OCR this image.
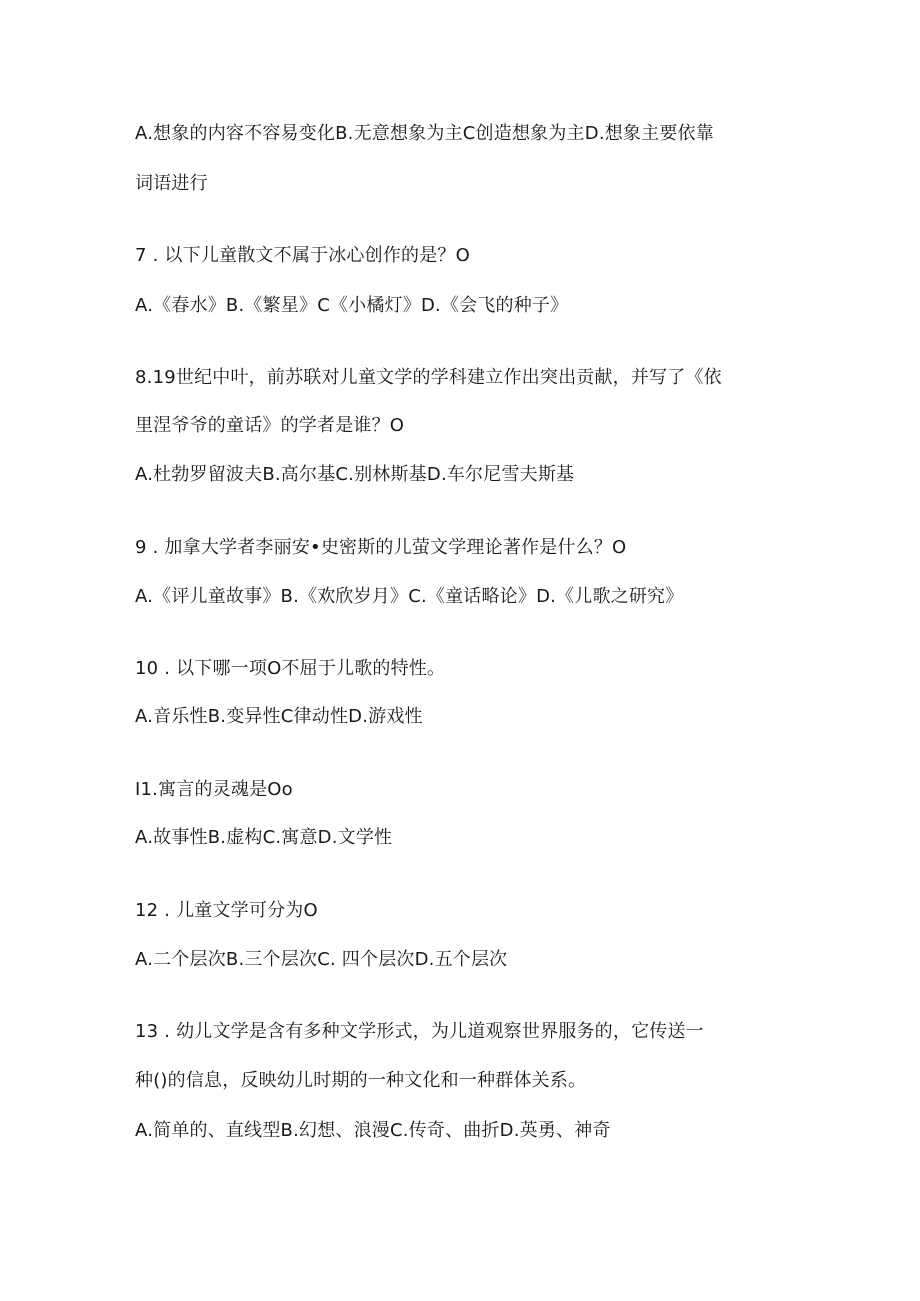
A.想象的内容不容易变化B.无意想象为主C创造想象为主D.想象主要依靠
词语进行
7 . 以下儿童散文不属于冰心创作的是？O
A.《春水》B.《繁星》C《小橘灯》D.《会飞的种子》
8.19世纪中叶，前苏联对儿童文学的学科建立作出突出贡献，并写了《依
里涅爷爷的童话》的学者是谁？O
A.杜勃罗留波夫B.高尔基C.别林斯基D.车尔尼雪夫斯基
9 . 加拿大学者李丽安•史密斯的儿萤文学理论著作是什么？O
A.《评儿童故事》B.《欢欣岁月》C.《童话略论》D.《儿歌之研究》
10 . 以下哪一项O不屈于儿歌的特性。
A.音乐性B.变异性C律动性D.游戏性
I1.寓言的灵魂是Oo
A.故事性B.虚构C.寓意D.文学性
12 . 儿童文学可分为O
A.二个层次B.三个层次C. 四个层次D.五个层次
13 . 幼儿文学是含有多种文学形式，为儿道观察世界服务的，它传送一
种()的信息，反映幼儿时期的一种文化和一种群体关系。
A.简单的、直线型B.幻想、浪漫C.传奇、曲折D.英勇、神奇
